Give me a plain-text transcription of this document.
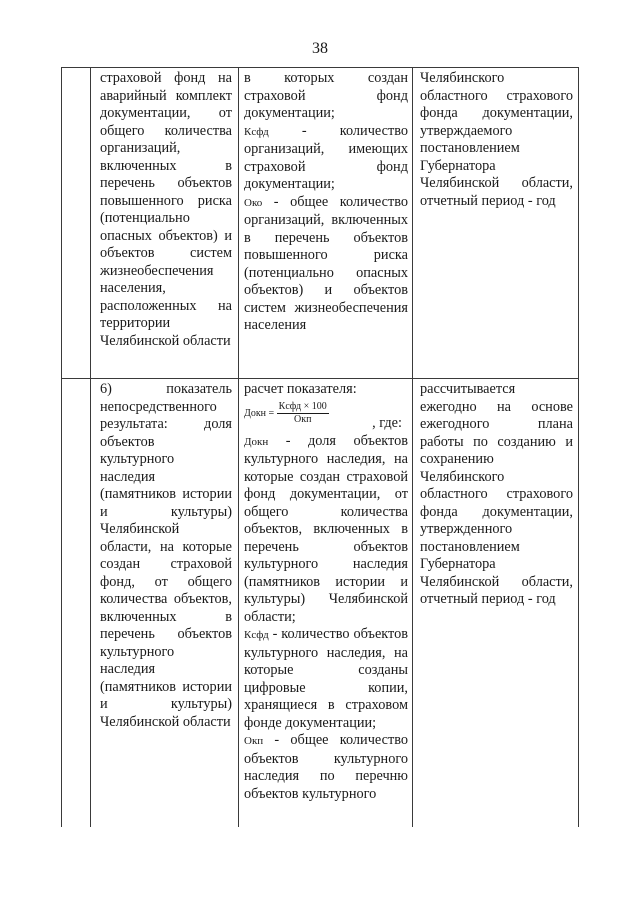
38

страховой фонд на аварийный комплект документации, от общего количества организаций, включенных в перечень объектов повышенного риска (потенциально опасных объектов) и объектов систем жизнеобеспечения населения, расположенных на территории Челябинской области

в которых создан страховой фонд документации;

Кcфд - количество организаций, имеющих страховой фонд документации;

Око - общее количество организаций, включенных в перечень объектов повышенного риска (потенциально опасных объектов) и объектов систем жизнеобеспечения населения

Челябинского областного страхового фонда документации, утверждаемого постановлением Губернатора Челябинской области, отчетный период - год

6) показатель непосредственного результата: доля объектов культурного наследия (памятников истории и культуры) Челябинской области, на которые создан страховой фонд, от общего количества объектов, включенных в перечень объектов культурного наследия (памятников истории и культуры) Челябинской области

расчет показателя:

Докн = $\frac{\text{Кcфд × 100}}{\text{Окп}}$	, где:

Докн - доля объектов культурного наследия, на которые создан страховой фонд документации, от общего количества объектов, включенных в перечень объектов культурного наследия (памятников истории и культуры) Челябинской области;

Кcфд - количество объектов культурного наследия, на которые созданы цифровые копии, хранящиеся в страховом фонде документации;

Окп - общее количество объектов культурного наследия по перечню объектов культурного

рассчитывается ежегодно на основе ежегодного плана работы по созданию и сохранению Челябинского областного страхового фонда документации, утвержденного постановлением Губернатора Челябинской области, отчетный период - год
